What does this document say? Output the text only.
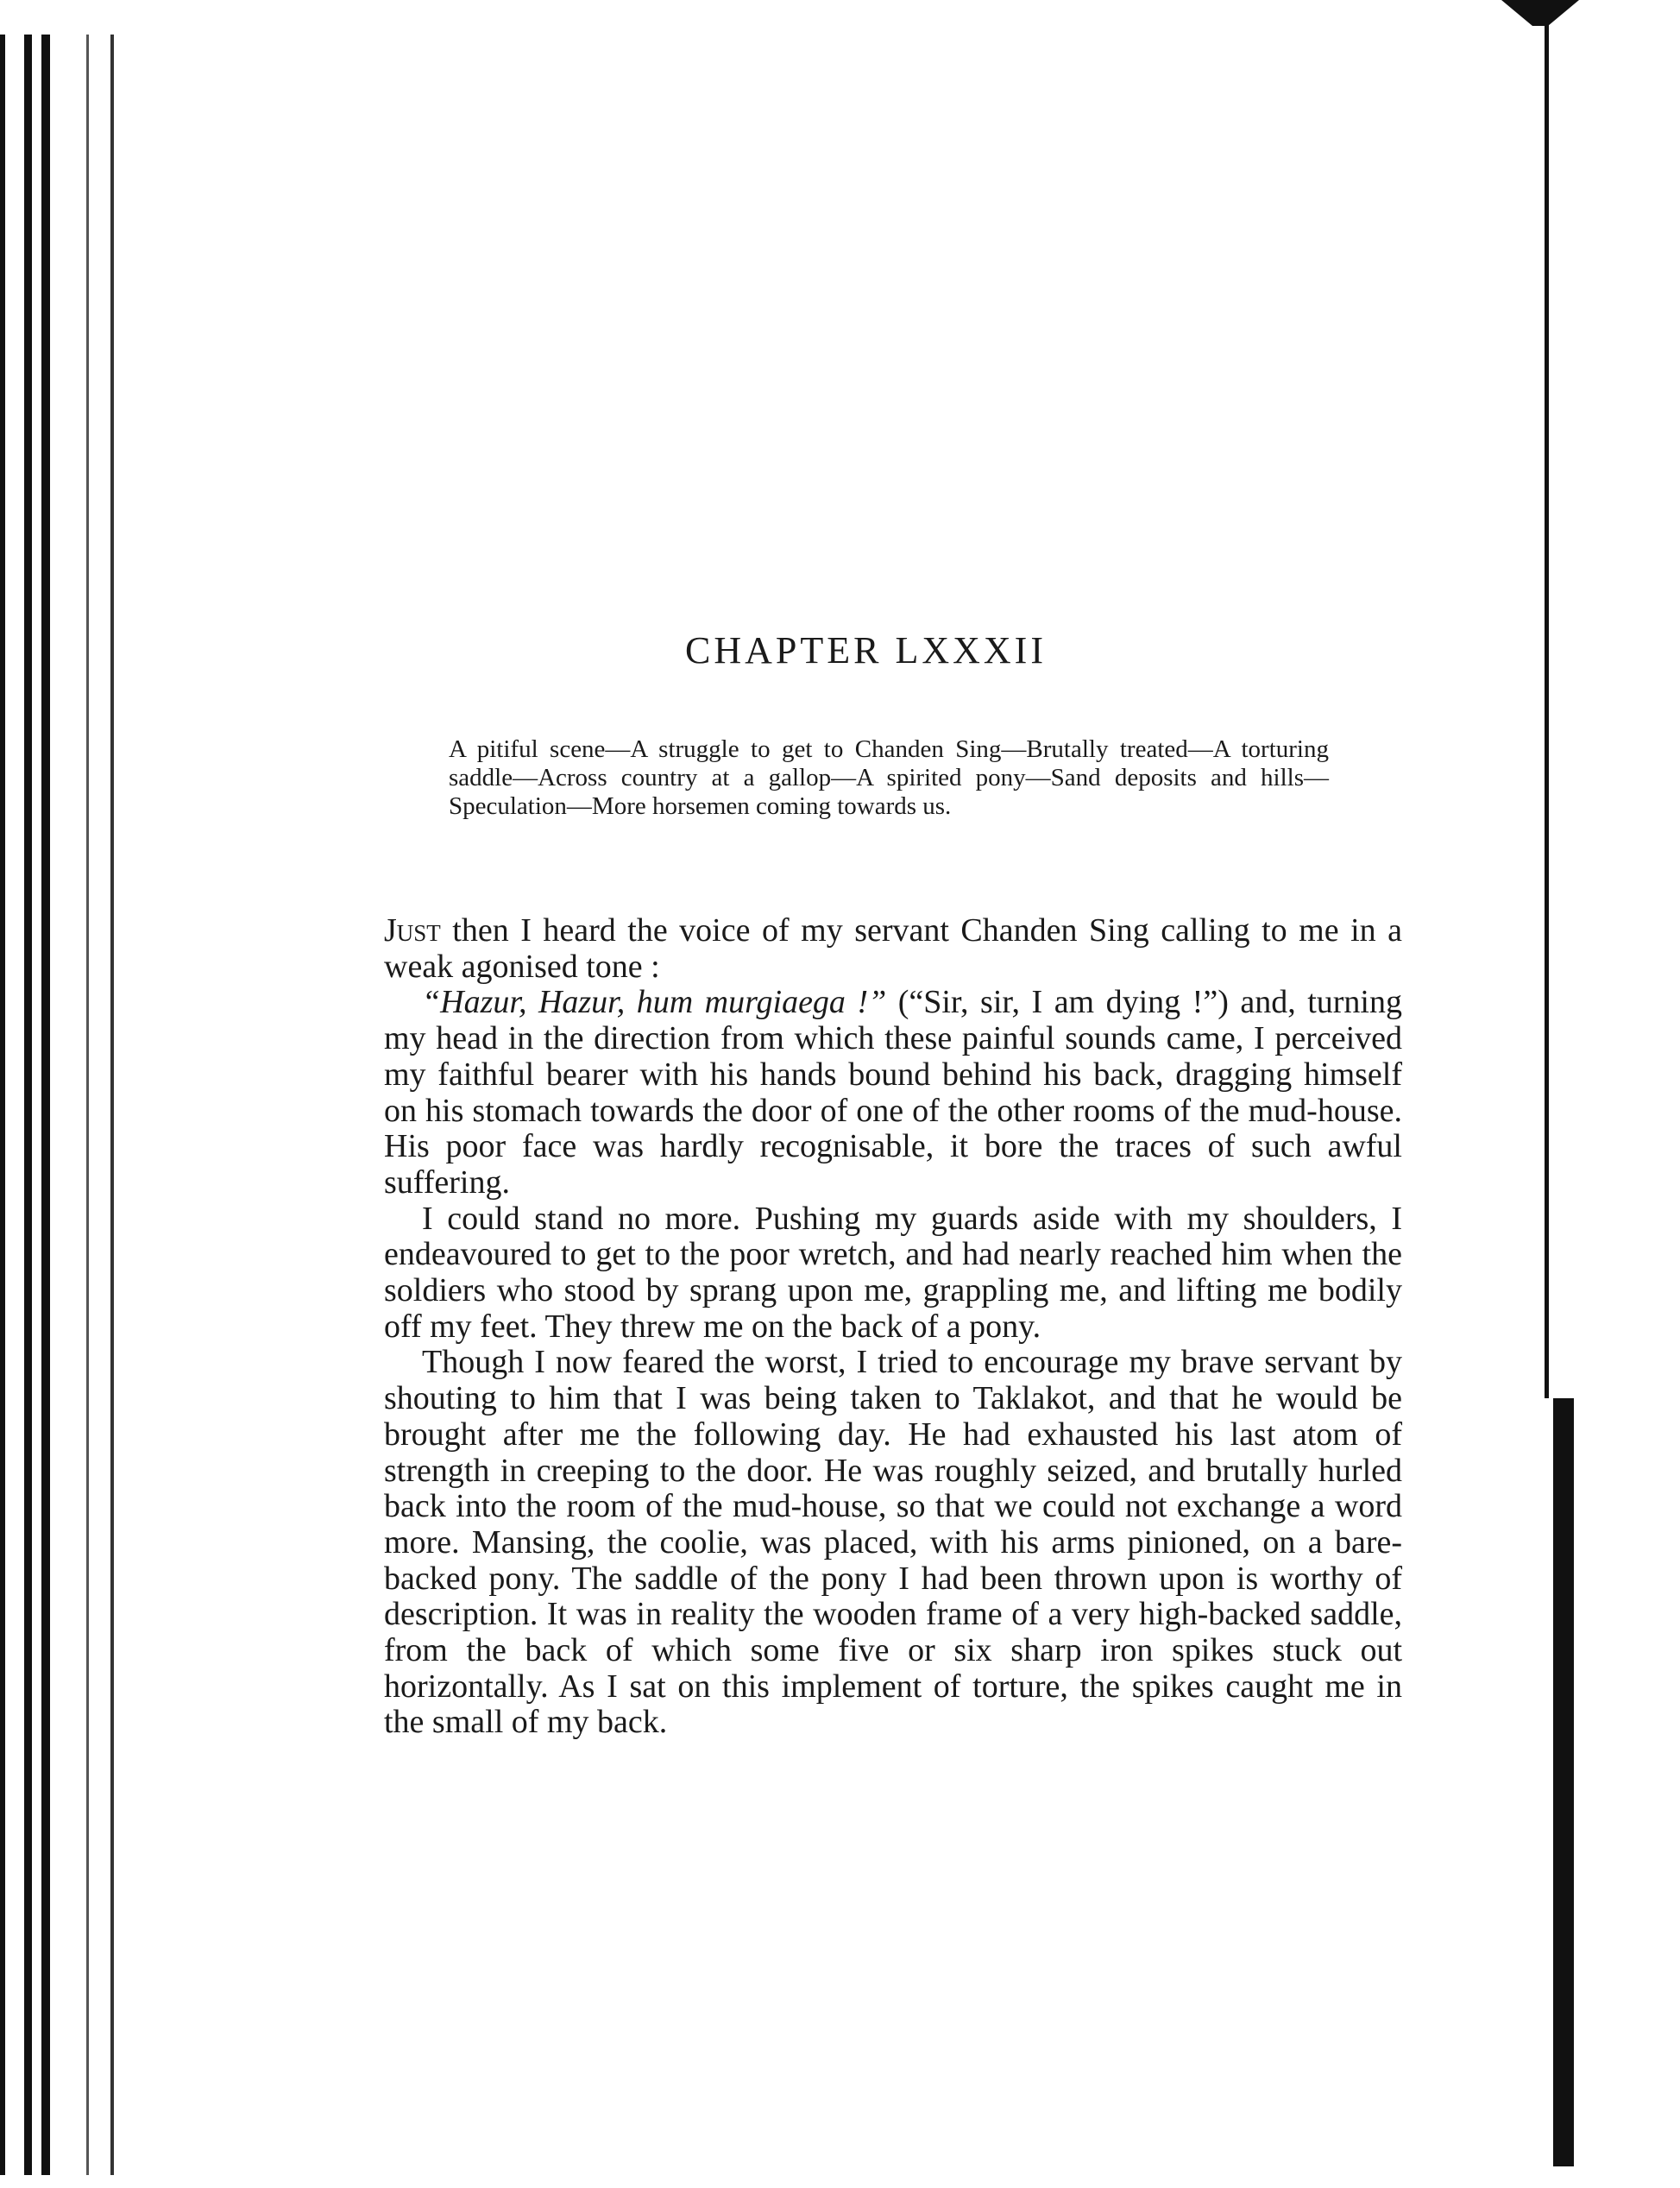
CHAPTER LXXXII

A pitiful scene—A struggle to get to Chanden Sing—Brutally treated—A torturing saddle—Across country at a gallop—A spirited pony—Sand deposits and hills—Speculation—More horsemen coming towards us.

Just then I heard the voice of my servant Chanden Sing calling to me in a weak agonised tone :

“Hazur, Hazur, hum murgiaega !” (“Sir, sir, I am dying !”) and, turning my head in the direction from which these painful sounds came, I perceived my faithful bearer with his hands bound behind his back, dragging himself on his stomach towards the door of one of the other rooms of the mud-house. His poor face was hardly recognisable, it bore the traces of such awful suffering.

I could stand no more. Pushing my guards aside with my shoulders, I endeavoured to get to the poor wretch, and had nearly reached him when the soldiers who stood by sprang upon me, grappling me, and lifting me bodily off my feet. They threw me on the back of a pony.

Though I now feared the worst, I tried to encourage my brave servant by shouting to him that I was being taken to Taklakot, and that he would be brought after me the following day. He had exhausted his last atom of strength in creeping to the door. He was roughly seized, and brutally hurled back into the room of the mud-house, so that we could not exchange a word more. Mansing, the coolie, was placed, with his arms pinioned, on a bare-backed pony. The saddle of the pony I had been thrown upon is worthy of description. It was in reality the wooden frame of a very high-backed saddle, from the back of which some five or six sharp iron spikes stuck out horizontally. As I sat on this implement of torture, the spikes caught me in the small of my back.
